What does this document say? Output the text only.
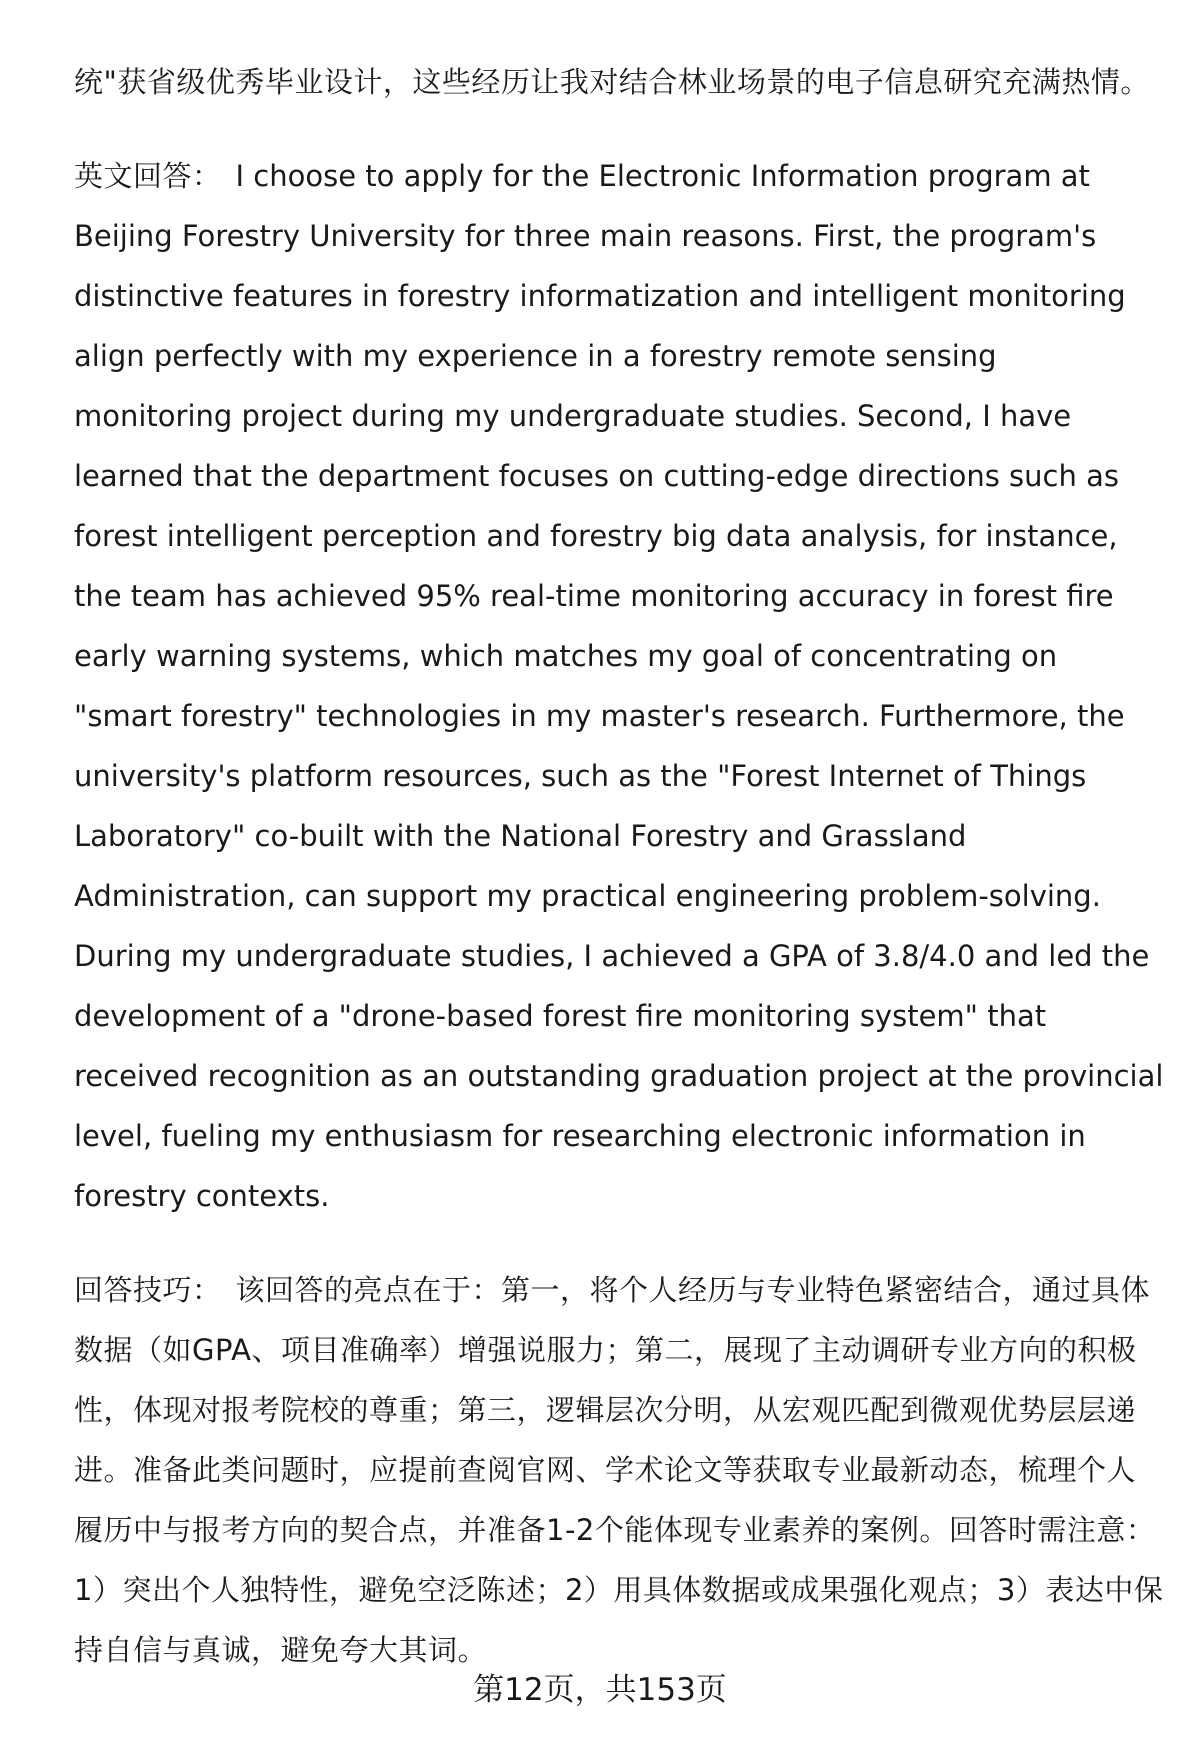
统"获省级优秀毕业设计，这些经历让我对结合林业场景的电子信息研究充满热情。

英文回答： I choose to apply for the Electronic Information program at Beijing Forestry University for three main reasons. First, the program's distinctive features in forestry informatization and intelligent monitoring align perfectly with my experience in a forestry remote sensing monitoring project during my undergraduate studies. Second, I have learned that the department focuses on cutting-edge directions such as forest intelligent perception and forestry big data analysis, for instance, the team has achieved 95% real-time monitoring accuracy in forest fire early warning systems, which matches my goal of concentrating on "smart forestry" technologies in my master's research. Furthermore, the university's platform resources, such as the "Forest Internet of Things Laboratory" co-built with the National Forestry and Grassland Administration, can support my practical engineering problem-solving. During my undergraduate studies, I achieved a GPA of 3.8/4.0 and led the development of a "drone-based forest fire monitoring system" that received recognition as an outstanding graduation project at the provincial level, fueling my enthusiasm for researching electronic information in forestry contexts.

回答技巧： 该回答的亮点在于：第一，将个人经历与专业特色紧密结合，通过具体数据（如GPA、项目准确率）增强说服力；第二，展现了主动调研专业方向的积极性，体现对报考院校的尊重；第三，逻辑层次分明，从宏观匹配到微观优势层层递进。准备此类问题时，应提前查阅官网、学术论文等获取专业最新动态，梳理个人履历中与报考方向的契合点，并准备1-2个能体现专业素养的案例。回答时需注意：1）突出个人独特性，避免空泛陈述；2）用具体数据或成果强化观点；3）表达中保持自信与真诚，避免夸大其词。

第12页，共153页
